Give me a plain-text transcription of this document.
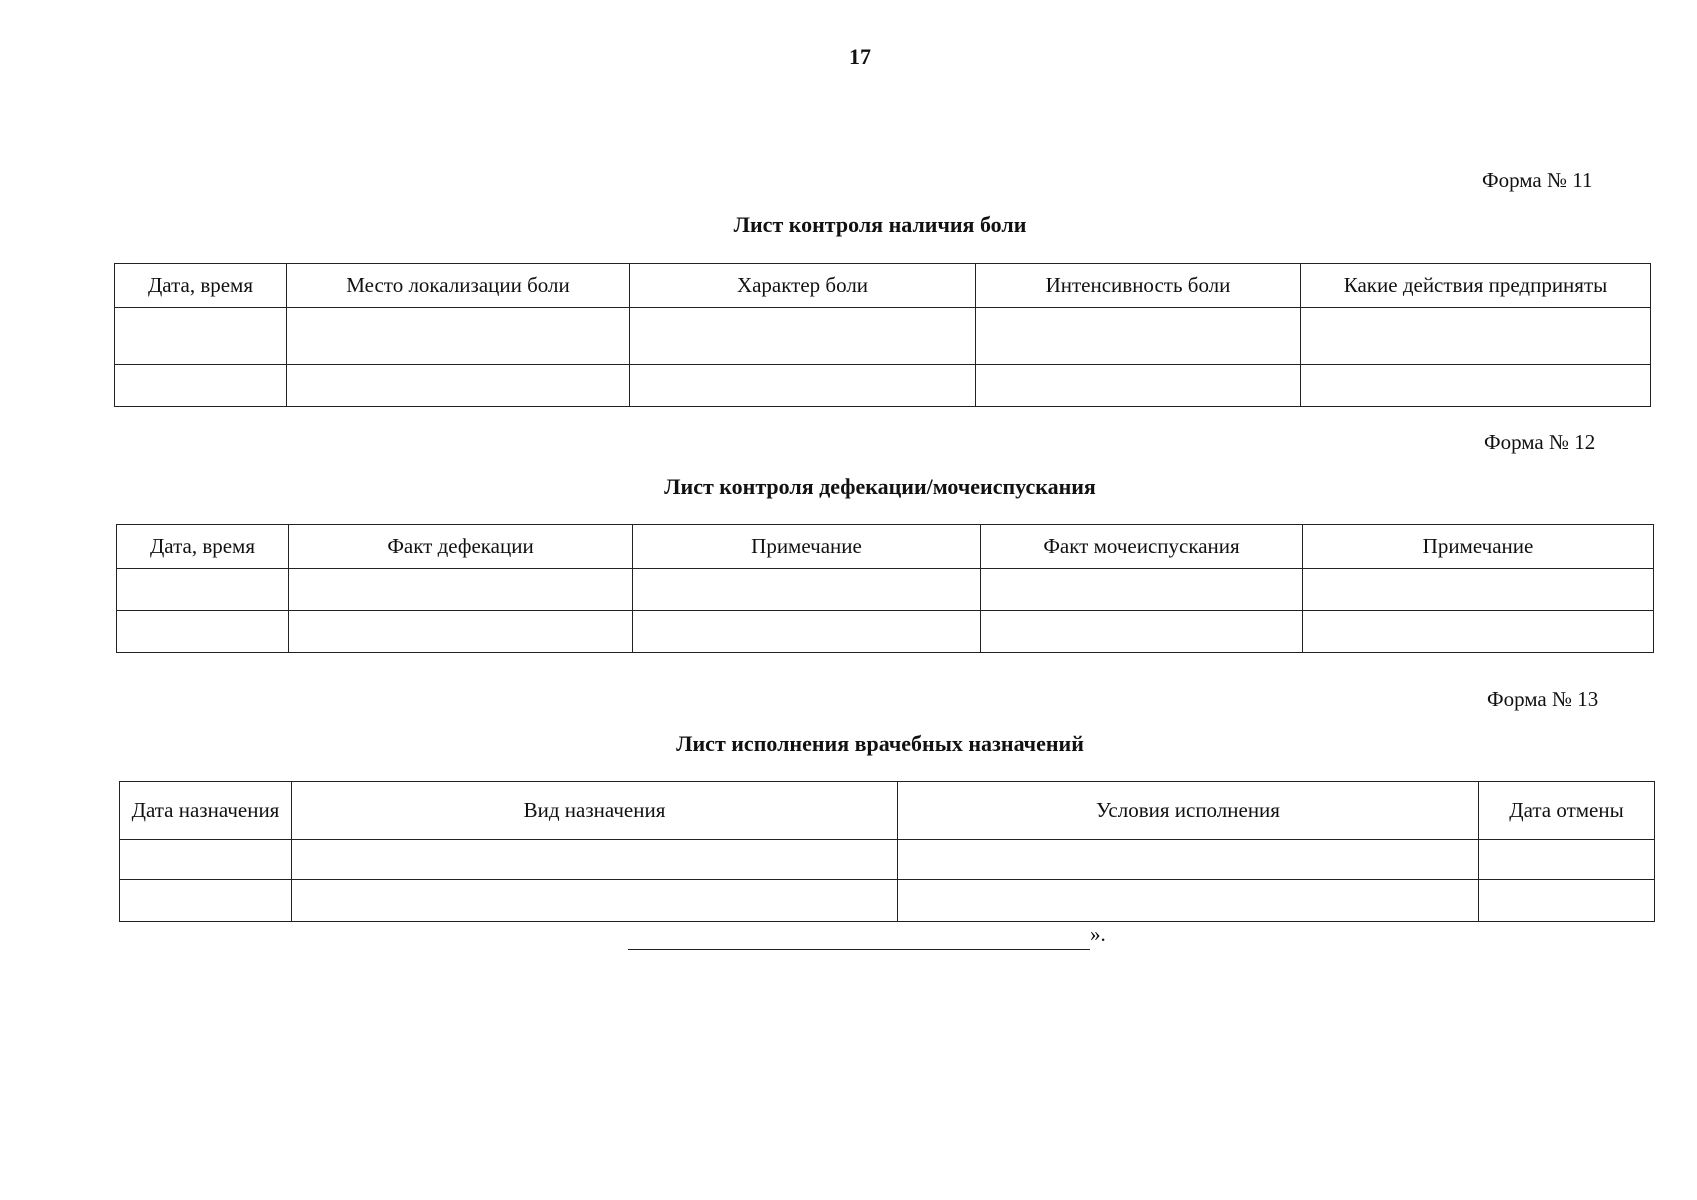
17
Форма № 11
Лист контроля наличия боли
Дата, время	Место локализации боли	Характер боли	Интенсивность боли	Какие действия предприняты

Форма № 12
Лист контроля дефекации/мочеиспускания
Дата, время	Факт дефекации	Примечание	Факт мочеиспускания	Примечание

Форма № 13
Лист исполнения врачебных назначений
Дата назначения	Вид назначения	Условия исполнения	Дата отмены

».
